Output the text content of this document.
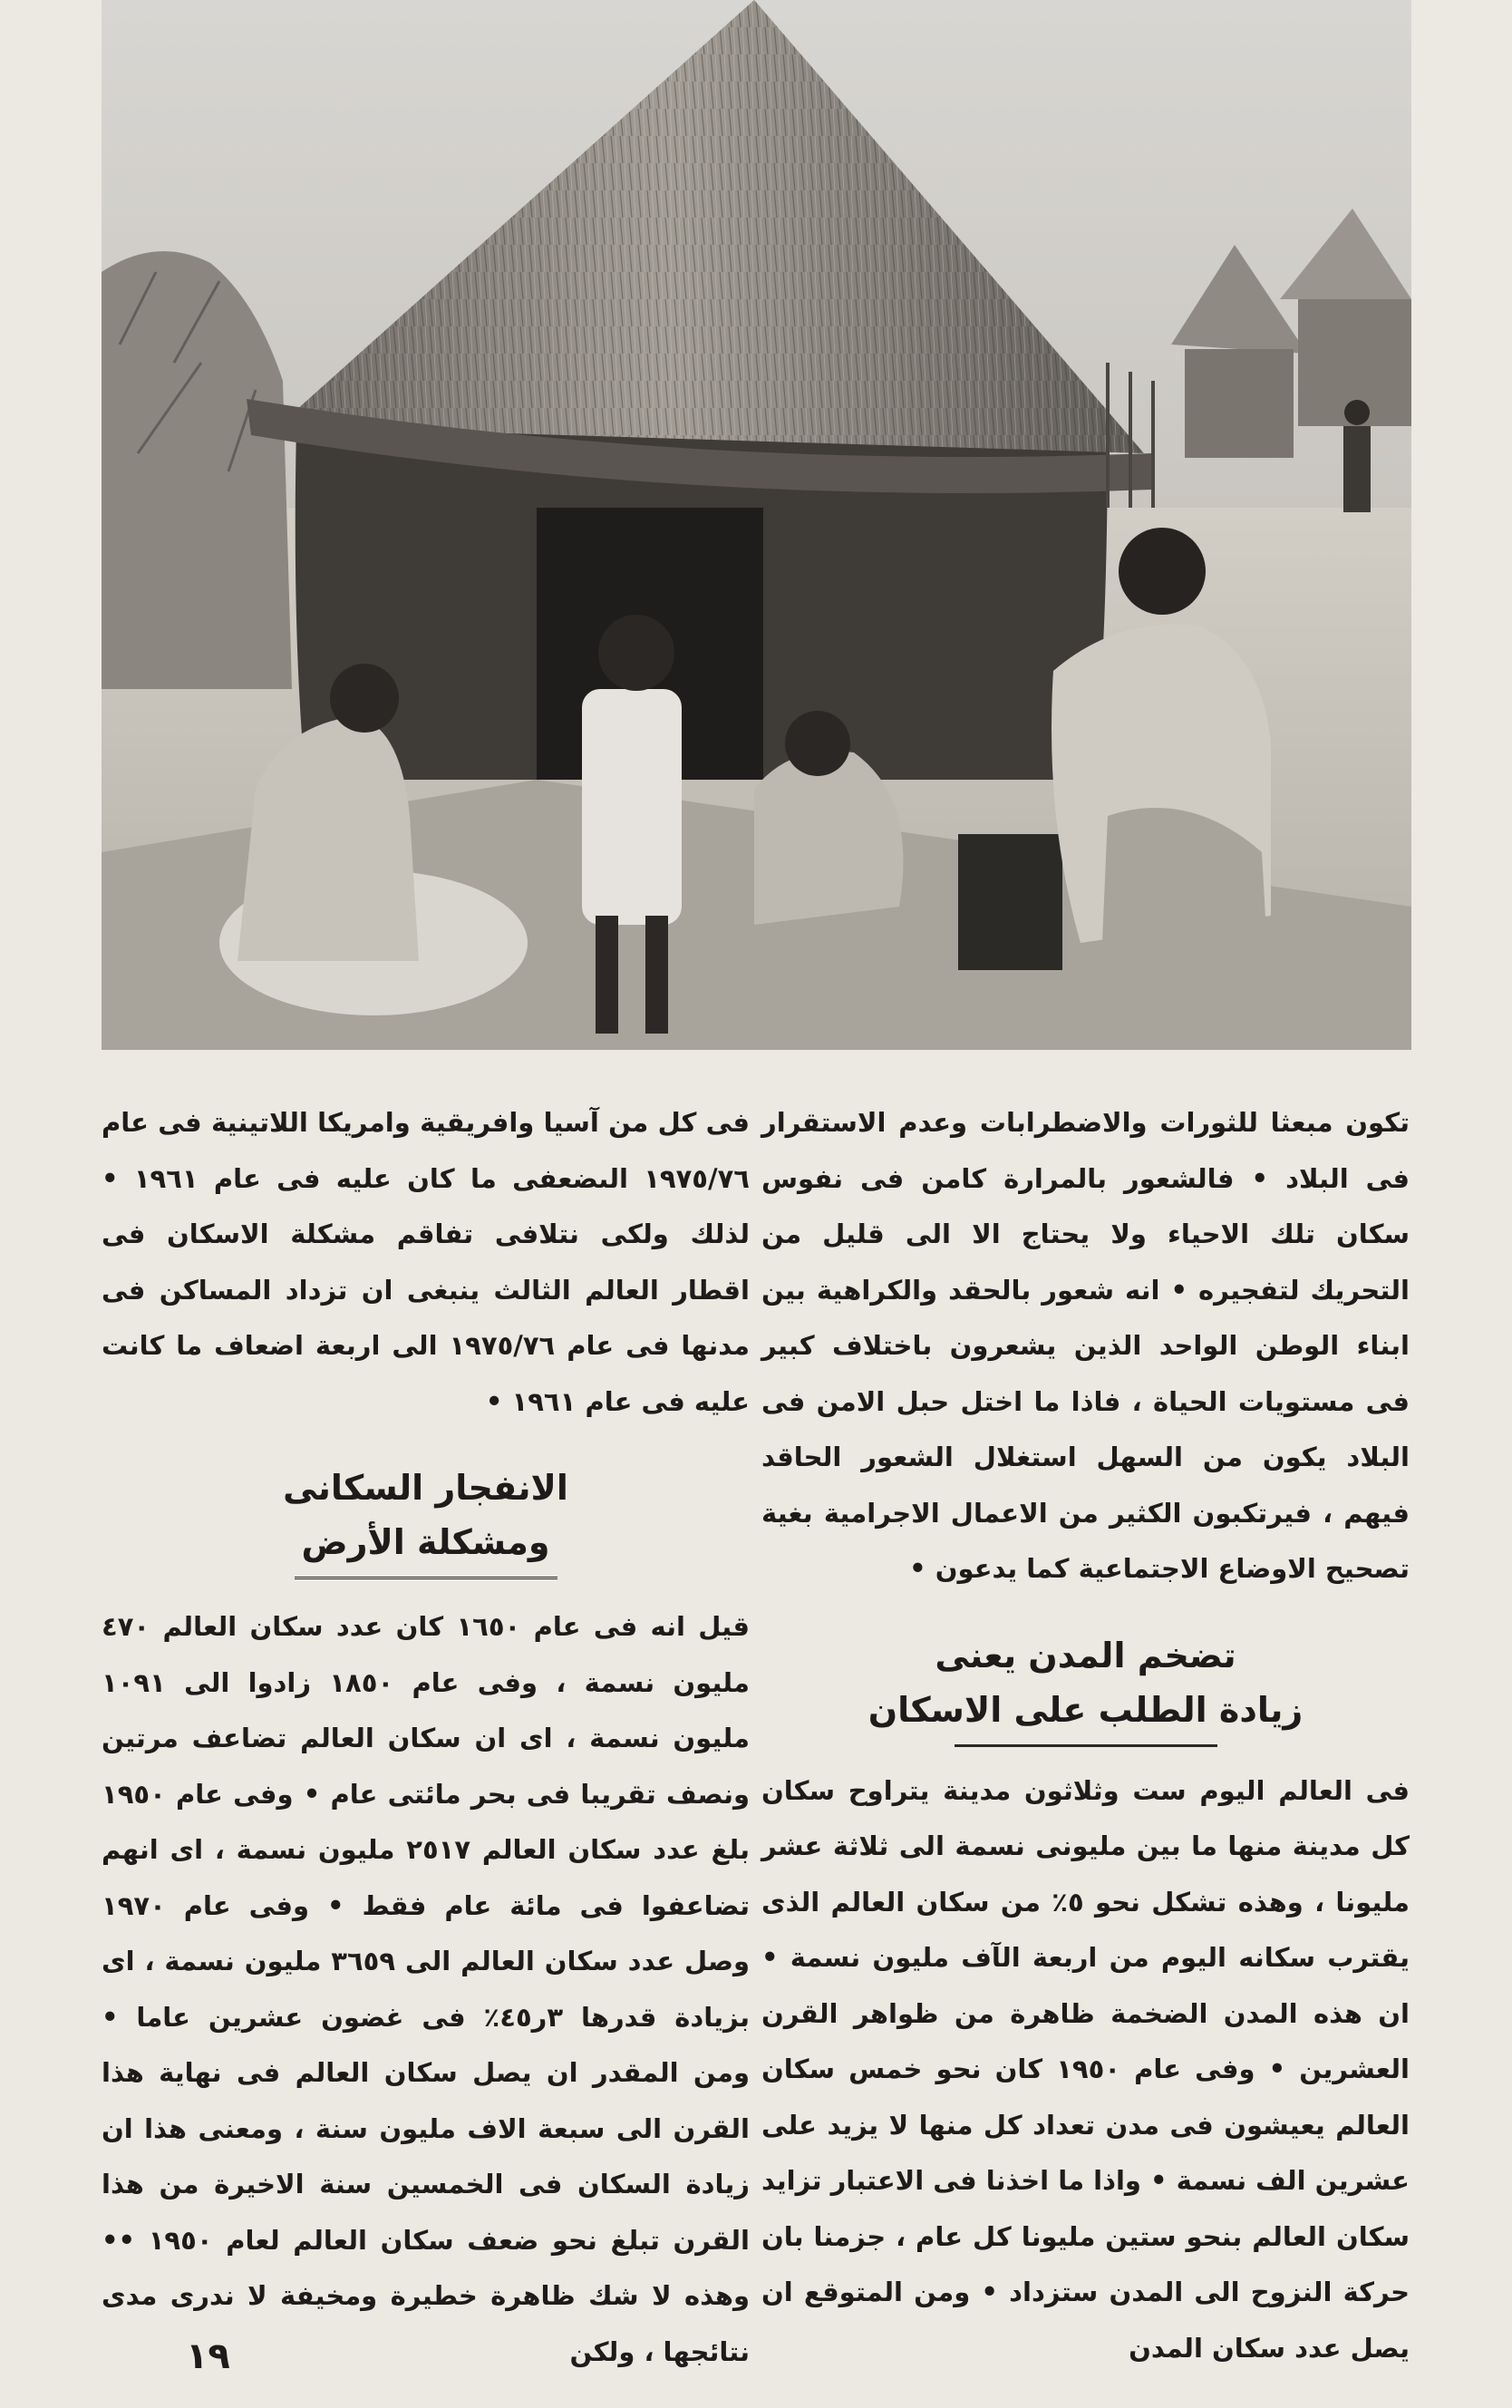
تكون مبعثا للثورات والاضطرابات وعدم الاستقرار فى البلاد • فالشعور بالمرارة كامن فى نفوس سكان تلك الاحياء ولا يحتاج الا الى قليل من التحريك لتفجيره • انه شعور بالحقد والكراهية بين ابناء الوطن الواحد الذين يشعرون باختلاف كبير فى مستويات الحياة ، فاذا ما اختل حبل الامن فى البلاد يكون من السهل استغلال الشعور الحاقد فيهم ، فيرتكبون الكثير من الاعمال الاجرامية بغية تصحيح الاوضاع الاجتماعية كما يدعون •

تضخم المدن يعنى

زيادة الطلب على الاسكان

فى العالم اليوم ست وثلاثون مدينة يتراوح سكان كل مدينة منها ما بين مليونى نسمة الى ثلاثة عشر مليونا ، وهذه تشكل نحو ٥٪ من سكان العالم الذى يقترب سكانه اليوم من اربعة الآف مليون نسمة • ان هذه المدن الضخمة ظاهرة من ظواهر القرن العشرين • وفى عام ١٩٥٠ كان نحو خمس سكان العالم يعيشون فى مدن تعداد كل منها لا يزيد على عشرين الف نسمة • واذا ما اخذنا فى الاعتبار تزايد سكان العالم بنحو ستين مليونا كل عام ، جزمنا بان حركة النزوح الى المدن ستزداد • ومن المتوقع ان يصل عدد سكان المدن

فى كل من آسيا وافريقية وامريكا اللاتينية فى عام ١٩٧٥/٧٦ الىضعفى ما كان عليه فى عام ١٩٦١ • لذلك ولكى نتلافى تفاقم مشكلة الاسكان فى اقطار العالم الثالث ينبغى ان تزداد المساكن فى مدنها فى عام ١٩٧٥/٧٦ الى اربعة اضعاف ما كانت عليه فى عام ١٩٦١ •

الانفجار السكانى

ومشكلة الأرض

قيل انه فى عام ١٦٥٠ كان عدد سكان العالم ٤٧٠ مليون نسمة ، وفى عام ١٨٥٠ زادوا الى ١٠٩١ مليون نسمة ، اى ان سكان العالم تضاعف مرتين ونصف تقريبا فى بحر مائتى عام • وفى عام ١٩٥٠ بلغ عدد سكان العالم ٢٥١٧ مليون نسمة ، اى انهم تضاعفوا فى مائة عام فقط • وفى عام ١٩٧٠ وصل عدد سكان العالم الى ٣٦٥٩ مليون نسمة ، اى بزيادة قدرها ٣ر٤٥٪ فى غضون عشرين عاما • ومن المقدر ان يصل سكان العالم فى نهاية هذا القرن الى سبعة الاف مليون سنة ، ومعنى هذا ان زيادة السكان فى الخمسين سنة الاخيرة من هذا القرن تبلغ نحو ضعف سكان العالم لعام ١٩٥٠ •• وهذه لا شك ظاهرة خطيرة ومخيفة لا ندرى مدى نتائجها ، ولكن

١٩
